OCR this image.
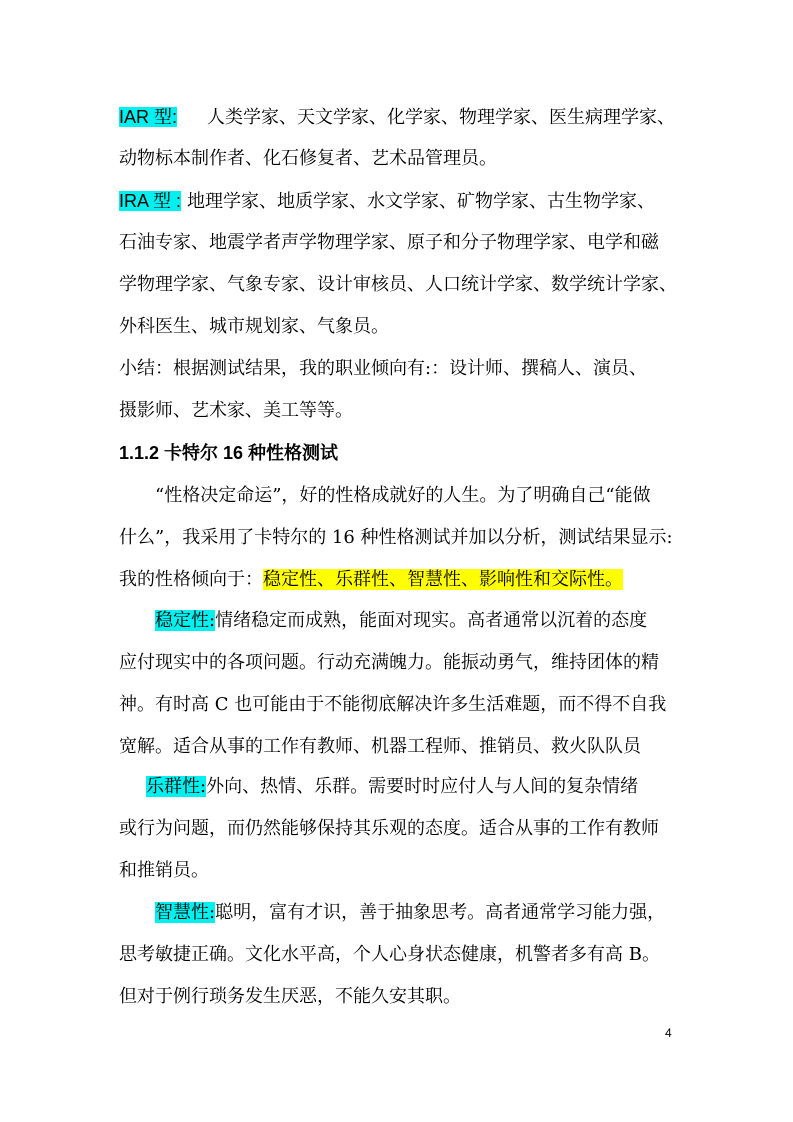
IAR 型: 人类学家、天文学家、化学家、物理学家、医生病理学家、
动物标本制作者、化石修复者、艺术品管理员。
IRA 型 : 地理学家、地质学家、水文学家、矿物学家、古生物学家、
石油专家、地震学者声学物理学家、原子和分子物理学家、电学和磁
学物理学家、气象专家、设计审核员、人口统计学家、数学统计学家、
外科医生、城市规划家、气象员。
小结：根据测试结果，我的职业倾向有:：设计师、撰稿人、演员、
摄影师、艺术家、美工等等。
1.1.2 卡特尔 16 种性格测试
“性格决定命运”，好的性格成就好的人生。为了明确自己“能做
什么”，我采用了卡特尔的 16 种性格测试并加以分析，测试结果显示:
我的性格倾向于：稳定性、乐群性、智慧性、影响性和交际性。
稳定性:情绪稳定而成熟，能面对现实。高者通常以沉着的态度
应付现实中的各项问题。行动充满魄力。能振动勇气，维持团体的精
神。有时高 C 也可能由于不能彻底解决许多生活难题，而不得不自我
宽解。适合从事的工作有教师、机器工程师、推销员、救火队队员
乐群性:外向、热情、乐群。需要时时应付人与人间的复杂情绪
或行为问题，而仍然能够保持其乐观的态度。适合从事的工作有教师
和推销员。
智慧性:聪明，富有才识，善于抽象思考。高者通常学习能力强，
思考敏捷正确。文化水平高，个人心身状态健康，机警者多有高 B。
但对于例行琐务发生厌恶，不能久安其职。
4
